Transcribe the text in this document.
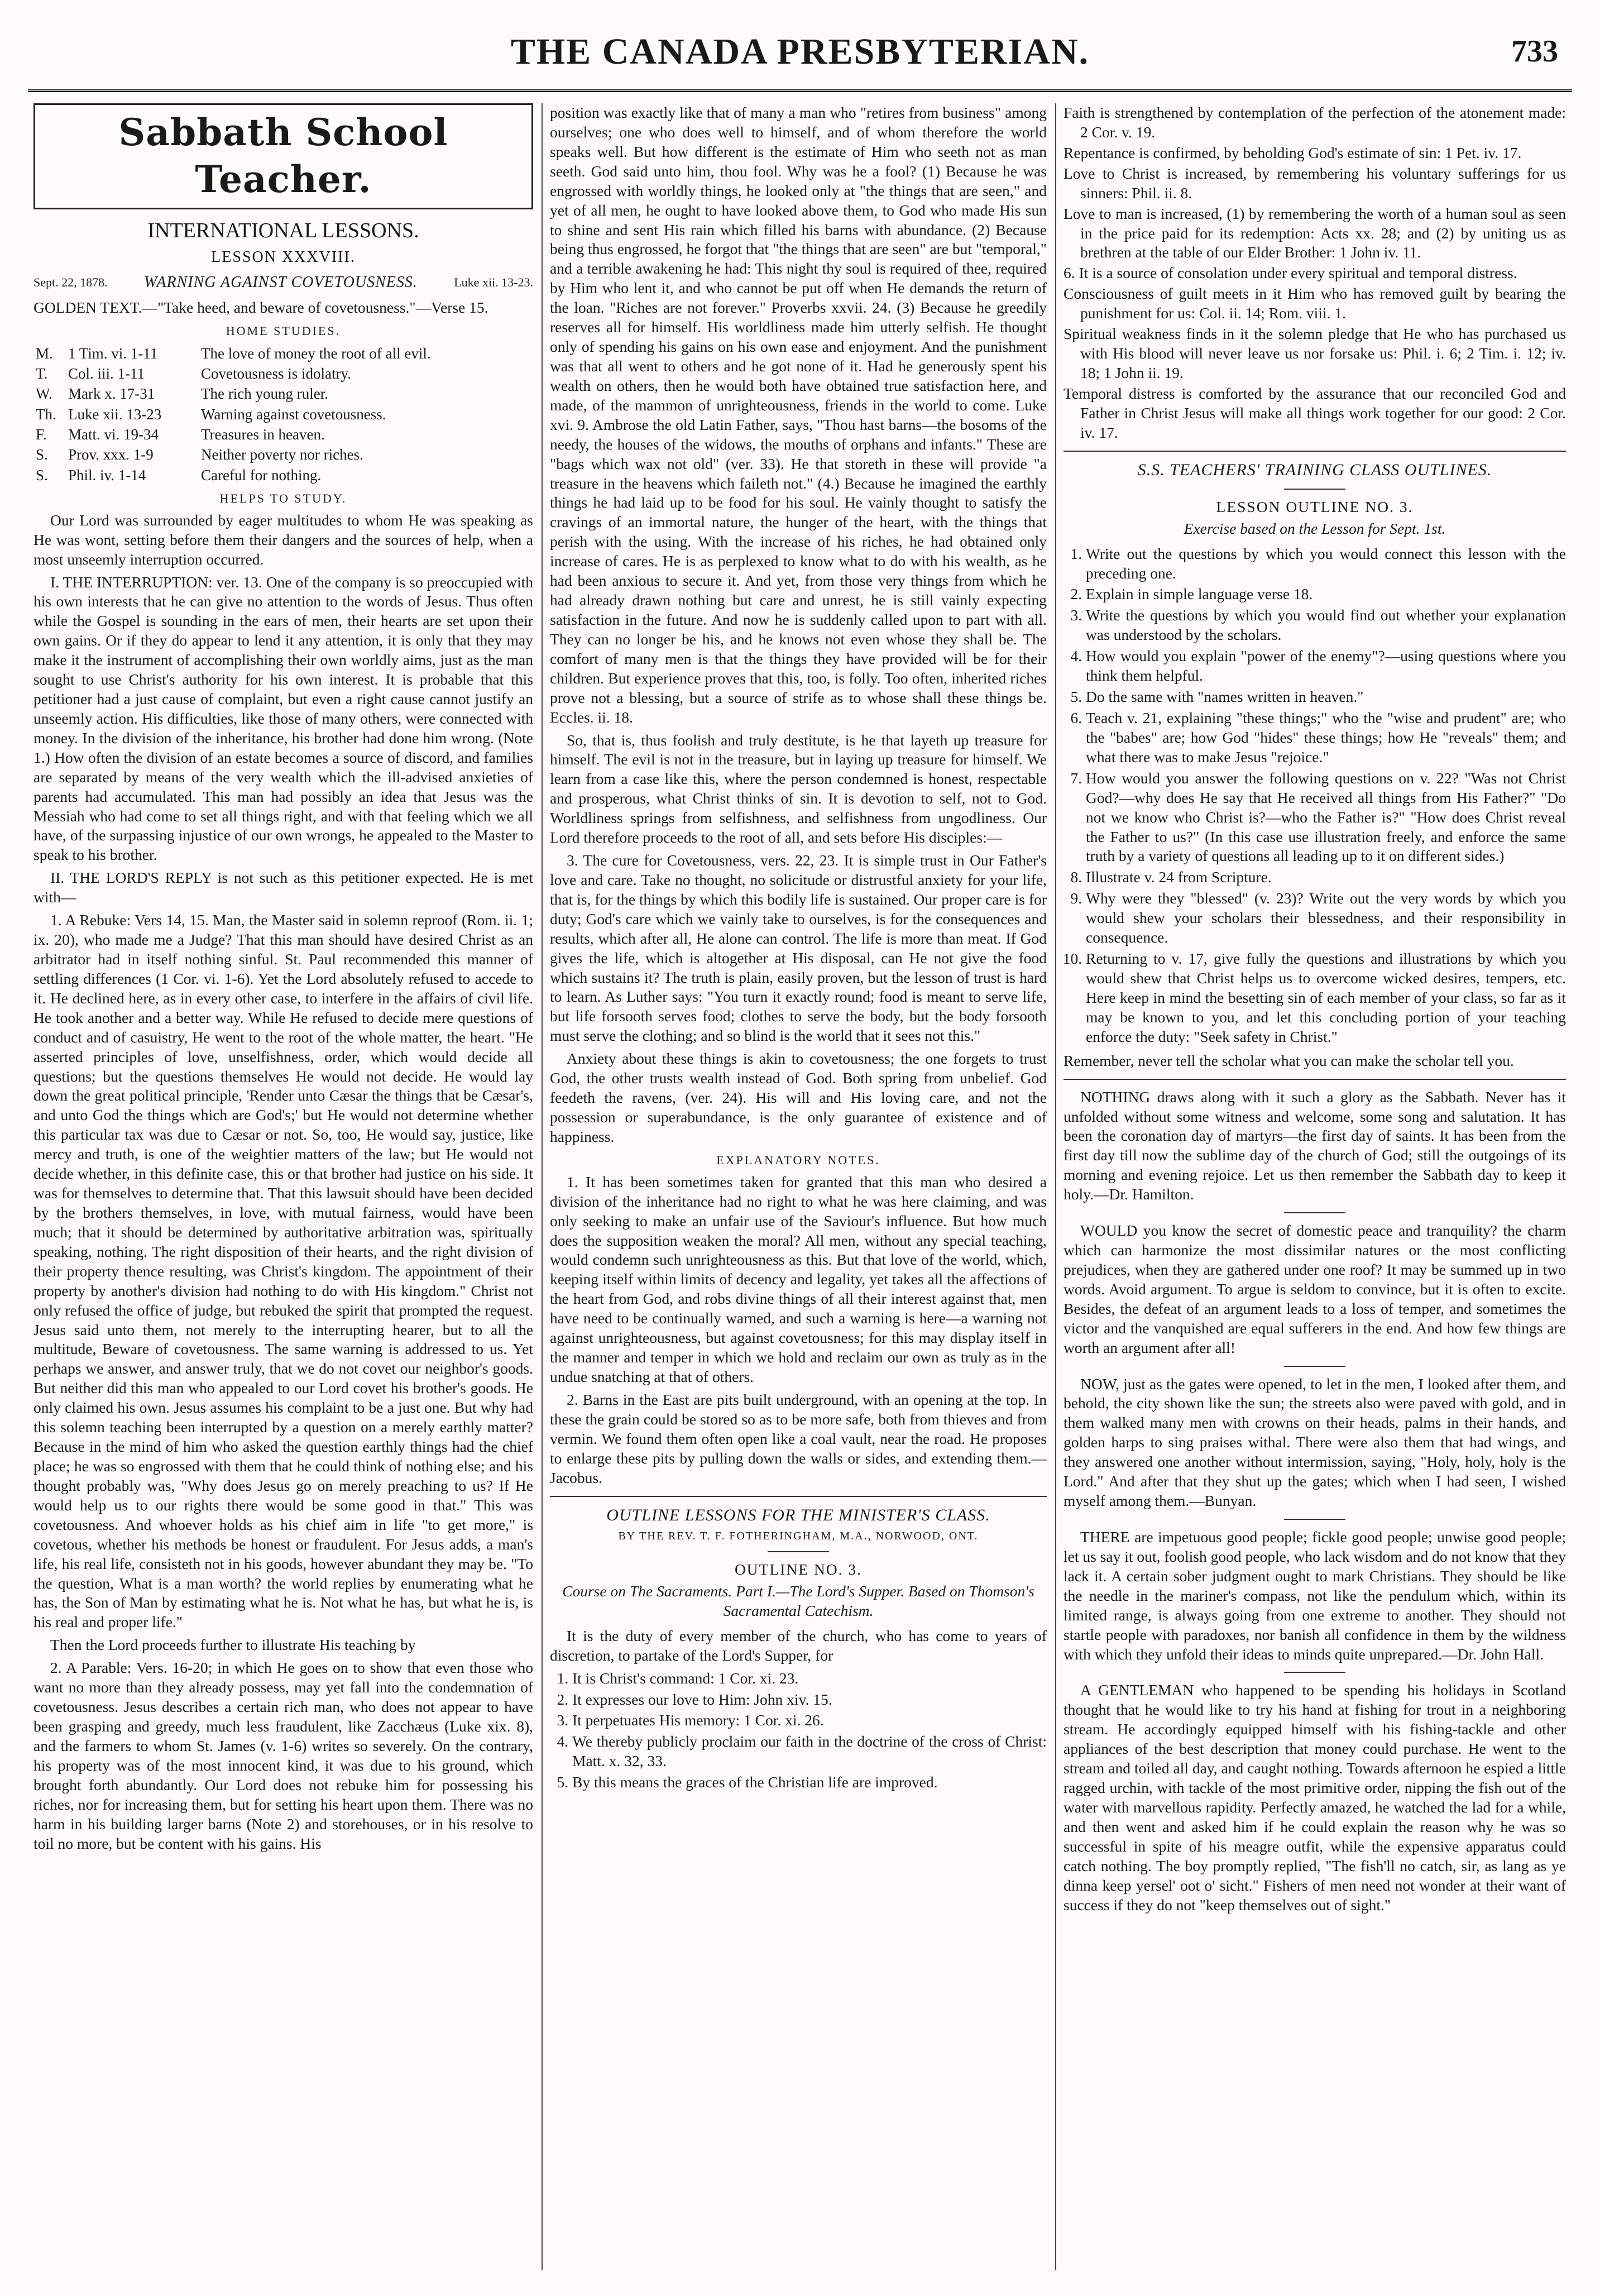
THE CANADA PRESBYTERIAN.	733
Sabbath School Teacher.
INTERNATIONAL LESSONS.
LESSON XXXVIII.
Sept. 22, 1878. WARNING AGAINST COVETOUSNESS.	Luke xii. 13-23.

GOLDEN TEXT.—"Take heed, and beware of covetousness."—Verse 15.

HOME STUDIES.
M.	1 Tim. vi. 1-11	The love of money the root of all evil.
T.	Col. iii. 1-11	Covetousness is idolatry.
W.	Mark x. 17-31	The rich young ruler.
Th.	Luke xii. 13-23	Warning against covetousness.
F.	Matt. vi. 19-34	Treasures in heaven.
S.	Prov. xxx. 1-9	Neither poverty nor riches.
S.	Phil. iv. 1-14	Careful for nothing.
HELPS TO STUDY.

Our Lord was surrounded by eager multitudes to whom He was speaking as He was wont, setting before them their dangers and the sources of help, when a most unseemly interruption occurred.

I. THE INTERRUPTION: ver. 13. One of the company is so preoccupied with his own interests that he can give no attention to the words of Jesus. Thus often while the Gospel is sounding in the ears of men, their hearts are set upon their own gains. Or if they do appear to lend it any attention, it is only that they may make it the instrument of accomplishing their own worldly aims, just as the man sought to use Christ's authority for his own interest. It is probable that this petitioner had a just cause of complaint, but even a right cause cannot justify an unseemly action. His difficulties, like those of many others, were connected with money. In the division of the inheritance, his brother had done him wrong. (Note 1.) How often the division of an estate becomes a source of discord, and families are separated by means of the very wealth which the ill-advised anxieties of parents had accumulated. This man had possibly an idea that Jesus was the Messiah who had come to set all things right, and with that feeling which we all have, of the surpassing injustice of our own wrongs, he appealed to the Master to speak to his brother.

II. THE LORD'S REPLY is not such as this petitioner expected. He is met with—

1. A Rebuke: Vers 14, 15. Man, the Master said in solemn reproof (Rom. ii. 1; ix. 20), who made me a Judge? That this man should have desired Christ as an arbitrator had in itself nothing sinful. St. Paul recommended this manner of settling differences (1 Cor. vi. 1-6). Yet the Lord absolutely refused to accede to it. He declined here, as in every other case, to interfere in the affairs of civil life. He took another and a better way. While He refused to decide mere questions of conduct and of casuistry, He went to the root of the whole matter, the heart. "He asserted principles of love, unselfishness, order, which would decide all questions; but the questions themselves He would not decide. He would lay down the great political principle, 'Render unto Cæsar the things that be Cæsar's, and unto God the things which are God's;' but He would not determine whether this particular tax was due to Cæsar or not. So, too, He would say, justice, like mercy and truth, is one of the weightier matters of the law; but He would not decide whether, in this definite case, this or that brother had justice on his side. It was for themselves to determine that. That this lawsuit should have been decided by the brothers themselves, in love, with mutual fairness, would have been much; that it should be determined by authoritative arbitration was, spiritually speaking, nothing. The right disposition of their hearts, and the right division of their property thence resulting, was Christ's kingdom. The appointment of their property by another's division had nothing to do with His kingdom." Christ not only refused the office of judge, but rebuked the spirit that prompted the request. Jesus said unto them, not merely to the interrupting hearer, but to all the multitude, Beware of covetousness. The same warning is addressed to us. Yet perhaps we answer, and answer truly, that we do not covet our neighbor's goods. But neither did this man who appealed to our Lord covet his brother's goods. He only claimed his own. Jesus assumes his complaint to be a just one. But why had this solemn teaching been interrupted by a question on a merely earthly matter? Because in the mind of him who asked the question earthly things had the chief place; he was so engrossed with them that he could think of nothing else; and his thought probably was, "Why does Jesus go on merely preaching to us? If He would help us to our rights there would be some good in that." This was covetousness. And whoever holds as his chief aim in life "to get more," is covetous, whether his methods be honest or fraudulent. For Jesus adds, a man's life, his real life, consisteth not in his goods, however abundant they may be. "To the question, What is a man worth? the world replies by enumerating what he has, the Son of Man by estimating what he is. Not what he has, but what he is, is his real and proper life."

Then the Lord proceeds further to illustrate His teaching by

2. A Parable: Vers. 16-20; in which He goes on to show that even those who want no more than they already possess, may yet fall into the condemnation of covetousness. Jesus describes a certain rich man, who does not appear to have been grasping and greedy, much less fraudulent, like Zacchæus (Luke xix. 8), and the farmers to whom St. James (v. 1-6) writes so severely. On the contrary, his property was of the most innocent kind, it was due to his ground, which brought forth abundantly. Our Lord does not rebuke him for possessing his riches, nor for increasing them, but for setting his heart upon them. There was no harm in his building larger barns (Note 2) and storehouses, or in his resolve to toil no more, but be content with his gains. His

position was exactly like that of many a man who "retires from business" among ourselves; one who does well to himself, and of whom therefore the world speaks well. But how different is the estimate of Him who seeth not as man seeth. God said unto him, thou fool. Why was he a fool? (1) Because he was engrossed with worldly things, he looked only at "the things that are seen," and yet of all men, he ought to have looked above them, to God who made His sun to shine and sent His rain which filled his barns with abundance. (2) Because being thus engrossed, he forgot that "the things that are seen" are but "temporal," and a terrible awakening he had: This night thy soul is required of thee, required by Him who lent it, and who cannot be put off when He demands the return of the loan. "Riches are not forever." Proverbs xxvii. 24. (3) Because he greedily reserves all for himself. His worldliness made him utterly selfish. He thought only of spending his gains on his own ease and enjoyment. And the punishment was that all went to others and he got none of it. Had he generously spent his wealth on others, then he would both have obtained true satisfaction here, and made, of the mammon of unrighteousness, friends in the world to come. Luke xvi. 9. Ambrose the old Latin Father, says, "Thou hast barns—the bosoms of the needy, the houses of the widows, the mouths of orphans and infants." These are "bags which wax not old" (ver. 33). He that storeth in these will provide "a treasure in the heavens which faileth not." (4.) Because he imagined the earthly things he had laid up to be food for his soul. He vainly thought to satisfy the cravings of an immortal nature, the hunger of the heart, with the things that perish with the using. With the increase of his riches, he had obtained only increase of cares. He is as perplexed to know what to do with his wealth, as he had been anxious to secure it. And yet, from those very things from which he had already drawn nothing but care and unrest, he is still vainly expecting satisfaction in the future. And now he is suddenly called upon to part with all. They can no longer be his, and he knows not even whose they shall be. The comfort of many men is that the things they have provided will be for their children. But experience proves that this, too, is folly. Too often, inherited riches prove not a blessing, but a source of strife as to whose shall these things be. Eccles. ii. 18.

So, that is, thus foolish and truly destitute, is he that layeth up treasure for himself. The evil is not in the treasure, but in laying up treasure for himself. We learn from a case like this, where the person condemned is honest, respectable and prosperous, what Christ thinks of sin. It is devotion to self, not to God. Worldliness springs from selfishness, and selfishness from ungodliness. Our Lord therefore proceeds to the root of all, and sets before His disciples:—

3. The cure for Covetousness, vers. 22, 23. It is simple trust in Our Father's love and care. Take no thought, no solicitude or distrustful anxiety for your life, that is, for the things by which this bodily life is sustained. Our proper care is for duty; God's care which we vainly take to ourselves, is for the consequences and results, which after all, He alone can control. The life is more than meat. If God gives the life, which is altogether at His disposal, can He not give the food which sustains it? The truth is plain, easily proven, but the lesson of trust is hard to learn. As Luther says: "You turn it exactly round; food is meant to serve life, but life forsooth serves food; clothes to serve the body, but the body forsooth must serve the clothing; and so blind is the world that it sees not this."

Anxiety about these things is akin to covetousness; the one forgets to trust God, the other trusts wealth instead of God. Both spring from unbelief. God feedeth the ravens, (ver. 24). His will and His loving care, and not the possession or superabundance, is the only guarantee of existence and of happiness.

EXPLANATORY NOTES.

1. It has been sometimes taken for granted that this man who desired a division of the inheritance had no right to what he was here claiming, and was only seeking to make an unfair use of the Saviour's influence. But how much does the supposition weaken the moral? All men, without any special teaching, would condemn such unrighteousness as this. But that love of the world, which, keeping itself within limits of decency and legality, yet takes all the affections of the heart from God, and robs divine things of all their interest against that, men have need to be continually warned, and such a warning is here—a warning not against unrighteousness, but against covetousness; for this may display itself in the manner and temper in which we hold and reclaim our own as truly as in the undue snatching at that of others.

2. Barns in the East are pits built underground, with an opening at the top. In these the grain could be stored so as to be more safe, both from thieves and from vermin. We found them often open like a coal vault, near the road. He proposes to enlarge these pits by pulling down the walls or sides, and extending them.—Jacobus.

OUTLINE LESSONS FOR THE MINISTER'S CLASS.
BY THE REV. T. F. FOTHERINGHAM, M.A., NORWOOD, ONT.
OUTLINE NO. 3.
Course on The Sacraments. Part I.—The Lord's Supper. Based on Thomson's Sacramental Catechism.

It is the duty of every member of the church, who has come to years of discretion, to partake of the Lord's Supper, for

1. It is Christ's command: 1 Cor. xi. 23.
2. It expresses our love to Him: John xiv. 15.
3. It perpetuates His memory: 1 Cor. xi. 26.
4. We thereby publicly proclaim our faith in the doctrine of the cross of Christ: Matt. x. 32, 33.
5. By this means the graces of the Christian life are improved.
Faith is strengthened by contemplation of the perfection of the atonement made: 2 Cor. v. 19.
Repentance is confirmed, by beholding God's estimate of sin: 1 Pet. iv. 17.
Love to Christ is increased, by remembering his voluntary sufferings for us sinners: Phil. ii. 8.
Love to man is increased, (1) by remembering the worth of a human soul as seen in the price paid for its redemption: Acts xx. 28; and (2) by uniting us as brethren at the table of our Elder Brother: 1 John iv. 11.
6. It is a source of consolation under every spiritual and temporal distress.
Consciousness of guilt meets in it Him who has removed guilt by bearing the punishment for us: Col. ii. 14; Rom. viii. 1.
Spiritual weakness finds in it the solemn pledge that He who has purchased us with His blood will never leave us nor forsake us: Phil. i. 6; 2 Tim. i. 12; iv. 18; 1 John ii. 19.
Temporal distress is comforted by the assurance that our reconciled God and Father in Christ Jesus will make all things work together for our good: 2 Cor. iv. 17.
S.S. TEACHERS' TRAINING CLASS OUTLINES.
LESSON OUTLINE NO. 3.
Exercise based on the Lesson for Sept. 1st.
1. Write out the questions by which you would connect this lesson with the preceding one.
2. Explain in simple language verse 18.
3. Write the questions by which you would find out whether your explanation was understood by the scholars.
4. How would you explain "power of the enemy"?—using questions where you think them helpful.
5. Do the same with "names written in heaven."
6. Teach v. 21, explaining "these things;" who the "wise and prudent" are; who the "babes" are; how God "hides" these things; how He "reveals" them; and what there was to make Jesus "rejoice."
7. How would you answer the following questions on v. 22? "Was not Christ God?—why does He say that He received all things from His Father?" "Do not we know who Christ is?—who the Father is?" "How does Christ reveal the Father to us?" (In this case use illustration freely, and enforce the same truth by a variety of questions all leading up to it on different sides.)
8. Illustrate v. 24 from Scripture.
9. Why were they "blessed" (v. 23)? Write out the very words by which you would shew your scholars their blessedness, and their responsibility in consequence.
10. Returning to v. 17, give fully the questions and illustrations by which you would shew that Christ helps us to overcome wicked desires, tempers, etc. Here keep in mind the besetting sin of each member of your class, so far as it may be known to you, and let this concluding portion of your teaching enforce the duty: "Seek safety in Christ."

Remember, never tell the scholar what you can make the scholar tell you.

NOTHING draws along with it such a glory as the Sabbath. Never has it unfolded without some witness and welcome, some song and salutation. It has been the coronation day of martyrs—the first day of saints. It has been from the first day till now the sublime day of the church of God; still the outgoings of its morning and evening rejoice. Let us then remember the Sabbath day to keep it holy.—Dr. Hamilton.

WOULD you know the secret of domestic peace and tranquility? the charm which can harmonize the most dissimilar natures or the most conflicting prejudices, when they are gathered under one roof? It may be summed up in two words. Avoid argument. To argue is seldom to convince, but it is often to excite. Besides, the defeat of an argument leads to a loss of temper, and sometimes the victor and the vanquished are equal sufferers in the end. And how few things are worth an argument after all!

NOW, just as the gates were opened, to let in the men, I looked after them, and behold, the city shown like the sun; the streets also were paved with gold, and in them walked many men with crowns on their heads, palms in their hands, and golden harps to sing praises withal. There were also them that had wings, and they answered one another without intermission, saying, "Holy, holy, holy is the Lord." And after that they shut up the gates; which when I had seen, I wished myself among them.—Bunyan.

THERE are impetuous good people; fickle good people; unwise good people; let us say it out, foolish good people, who lack wisdom and do not know that they lack it. A certain sober judgment ought to mark Christians. They should be like the needle in the mariner's compass, not like the pendulum which, within its limited range, is always going from one extreme to another. They should not startle people with paradoxes, nor banish all confidence in them by the wildness with which they unfold their ideas to minds quite unprepared.—Dr. John Hall.

A GENTLEMAN who happened to be spending his holidays in Scotland thought that he would like to try his hand at fishing for trout in a neighboring stream. He accordingly equipped himself with his fishing-tackle and other appliances of the best description that money could purchase. He went to the stream and toiled all day, and caught nothing. Towards afternoon he espied a little ragged urchin, with tackle of the most primitive order, nipping the fish out of the water with marvellous rapidity. Perfectly amazed, he watched the lad for a while, and then went and asked him if he could explain the reason why he was so successful in spite of his meagre outfit, while the expensive apparatus could catch nothing. The boy promptly replied, "The fish'll no catch, sir, as lang as ye dinna keep yersel' oot o' sicht." Fishers of men need not wonder at their want of success if they do not "keep themselves out of sight."
